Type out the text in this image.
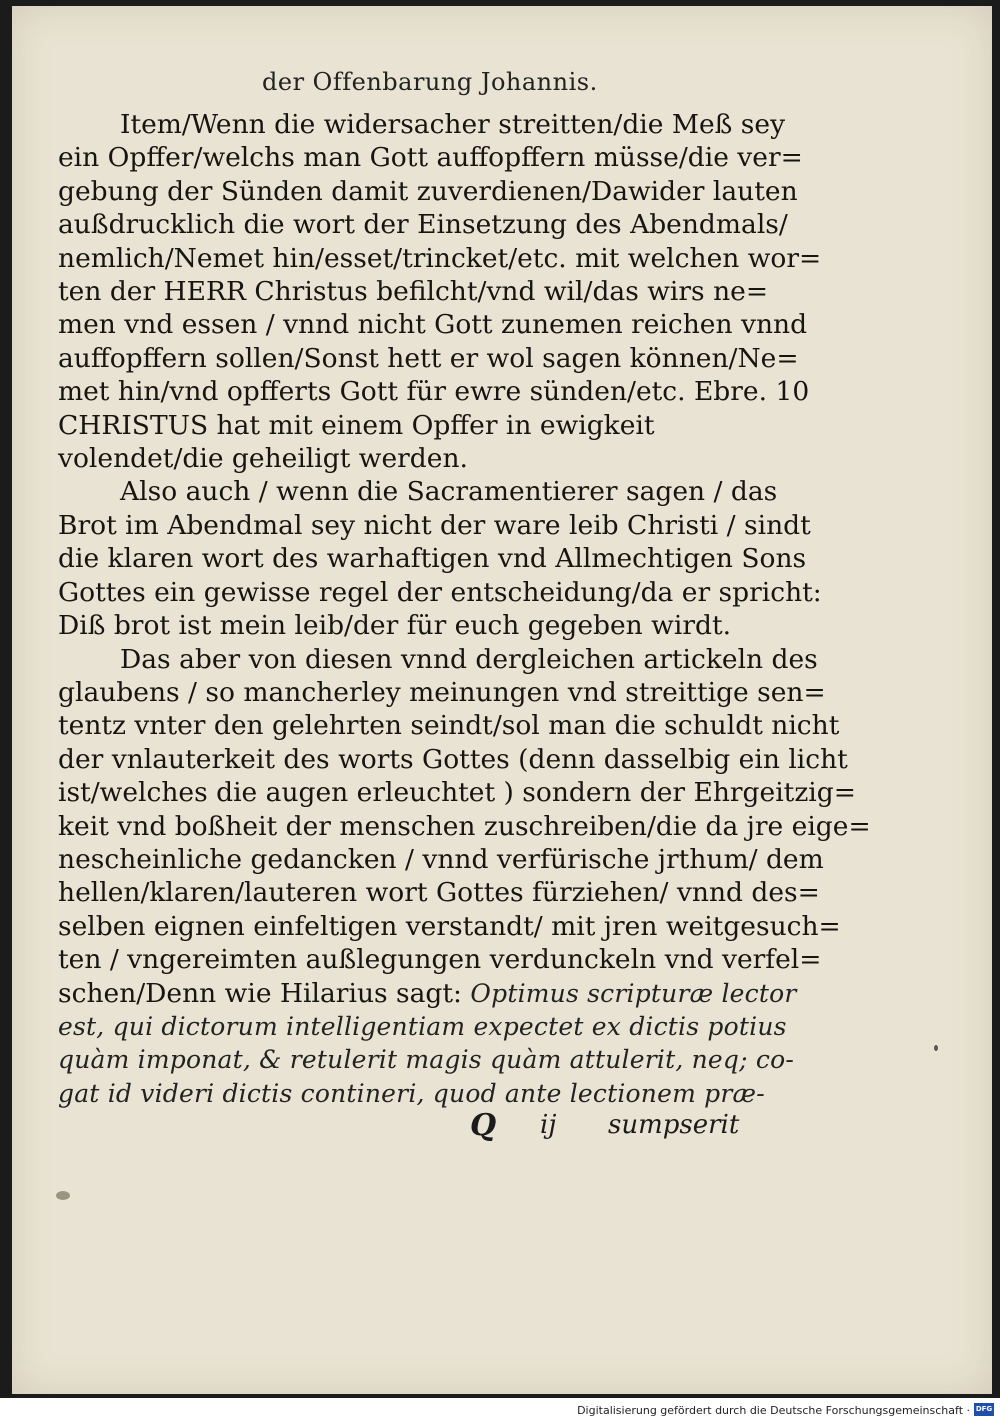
der Offenbarung Johannis.
Item/Wenn die widersacher streitten/die Meß sey
ein Opffer/welchs man Gott auffopffern müsse/die ver=
gebung der Sünden damit zuverdienen/Dawider lauten
außdrucklich die wort der Einsetzung des Abendmals/
nemlich/Nemet hin/esset/trincket/etc. mit welchen wor=
ten der HERR Christus befilcht/vnd wil/das wirs ne=
men vnd essen / vnnd nicht Gott zunemen reichen vnnd
auffopffern sollen/Sonst hett er wol sagen können/Ne=
met hin/vnd opfferts Gott für ewre sünden/etc. Ebre. 10
CHRISTUS hat mit einem Opffer in ewigkeit
volendet/die geheiligt werden.
Also auch / wenn die Sacramentierer sagen / das
Brot im Abendmal sey nicht der ware leib Christi / sindt
die klaren wort des warhaftigen vnd Allmechtigen Sons
Gottes ein gewisse regel der entscheidung/da er spricht:
Diß brot ist mein leib/der für euch gegeben wirdt.
Das aber von diesen vnnd dergleichen artickeln des
glaubens / so mancherley meinungen vnd streittige sen=
tentz vnter den gelehrten seindt/sol man die schuldt nicht
der vnlauterkeit des worts Gottes (denn dasselbig ein licht
ist/welches die augen erleuchtet ) sondern der Ehrgeitzig=
keit vnd boßheit der menschen zuschreiben/die da jre eige=
nescheinliche gedancken / vnnd verfürische jrthum/ dem
hellen/klaren/lauteren wort Gottes fürziehen/ vnnd des=
selben eignen einfeltigen verstandt/ mit jren weitgesuch=
ten / vngereimten außlegungen verdunckeln vnd verfel=
schen/Denn wie Hilarius sagt: Optimus scripturæ lector
est, qui dictorum intelligentiam expectet ex dictis potius
quàm imponat, & retulerit magis quàm attulerit, neq; co-
gat id videri dictis contineri, quod ante lectionem præ-
Q ij sumpserit
Digitalisierung gefördert durch die Deutsche Forschungsgemeinschaft · DFG
